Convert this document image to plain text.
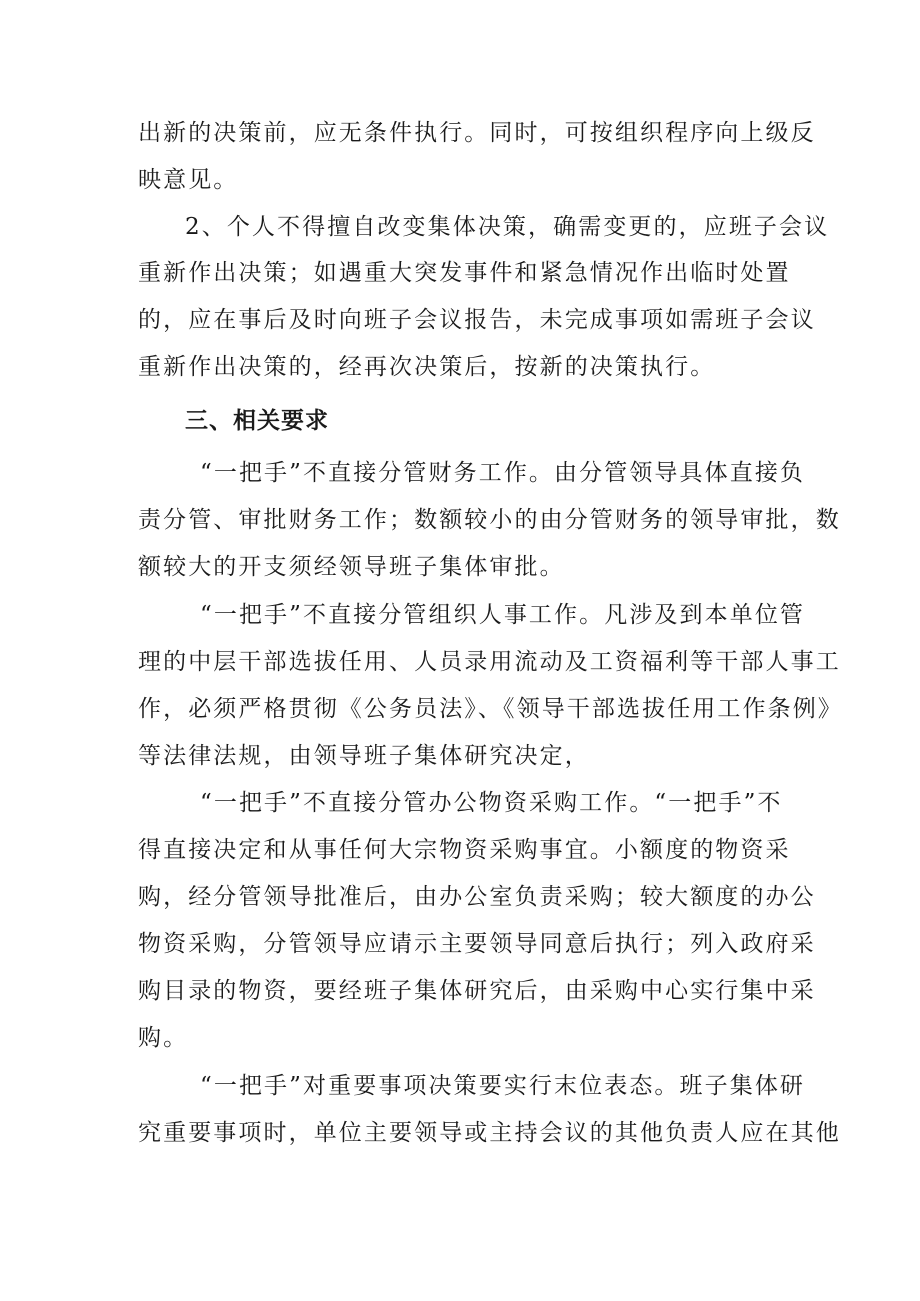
出新的决策前，应无条件执行。同时，可按组织程序向上级反
映意见。
2、个人不得擅自改变集体决策，确需变更的，应班子会议
重新作出决策；如遇重大突发事件和紧急情况作出临时处置
的，应在事后及时向班子会议报告，未完成事项如需班子会议
重新作出决策的，经再次决策后，按新的决策执行。
三、相关要求
“一把手”不直接分管财务工作。由分管领导具体直接负
责分管、审批财务工作；数额较小的由分管财务的领导审批，数
额较大的开支须经领导班子集体审批。
“一把手”不直接分管组织人事工作。凡涉及到本单位管
理的中层干部选拔任用、人员录用流动及工资福利等干部人事工
作，必须严格贯彻《公务员法》、《领导干部选拔任用工作条例》
等法律法规，由领导班子集体研究决定，
“一把手”不直接分管办公物资采购工作。“一把手”不
得直接决定和从事任何大宗物资采购事宜。小额度的物资采
购，经分管领导批准后，由办公室负责采购；较大额度的办公
物资采购，分管领导应请示主要领导同意后执行；列入政府采
购目录的物资，要经班子集体研究后，由采购中心实行集中采
购。
“一把手”对重要事项决策要实行末位表态。班子集体研
究重要事项时，单位主要领导或主持会议的其他负责人应在其他
